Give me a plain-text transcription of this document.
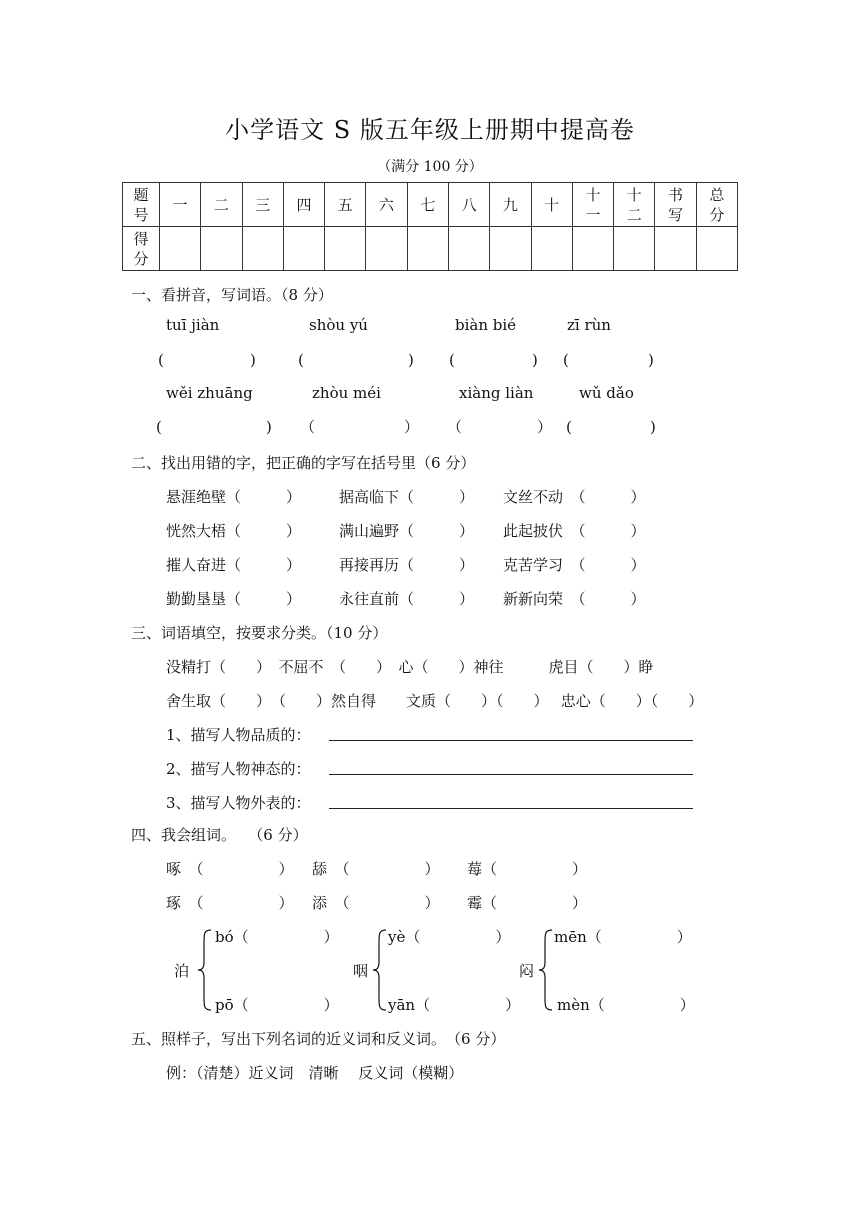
小学语文 S 版五年级上册期中提高卷
（满分 100 分）
题号	一	二	三	四	五	六	七	八	九	十	十一	十二	书写	总分
得分														
一、看拼音，写词语。（8 分）
tuī jiàn	shòu yú	biàn bié	zī rùn
(	)	(	) (	) (	)
wěi zhuāng	zhòu méi	xiàng liàn	wǔ dǎo
(	) （	） （	） (	)
二、找出用错的字，把正确的字写在括号里（6 分）
悬涯绝壁（　　　）	据高临下（　　　） 文丝不动　（　　　）
恍然大梧（　　　）	满山遍野（　　　） 此起披伏　（　　　）
摧人奋进（　　　）	再接再历（　　　） 克苦学习　（　　　）
勤勤垦垦（　　　）	永往直前（　　　） 新新向荣　（　　　）
三、词语填空，按要求分类。（10 分）
没精打（　　）　不屈不　（　　）　心（　　）神往　　　虎目（　　）睁
舍生取（　　）　（　　）然自得　　文质（　　）（　　）　 忠心（　　）（　　）
1、描写人物品质的：
2、描写人物神态的：
3、描写人物外表的：
四、我会组词。　 （6 分）
啄　（　　　　　） 舔　（　　　　　） 莓（　　　　　）
琢　（　　　　　） 添　（　　　　　） 霉（　　　　　）
泊
bó（　　　　　）
pō（　　　　　）
咽
yè（　　　　　）
yān（　　　　　）
闷
mēn（　　　　　）
mèn（　　　　　）
五、照样子，写出下列名词的近义词和反义词。　（6 分）
例：（清楚）近义词　清晰　 反义词（模糊）
